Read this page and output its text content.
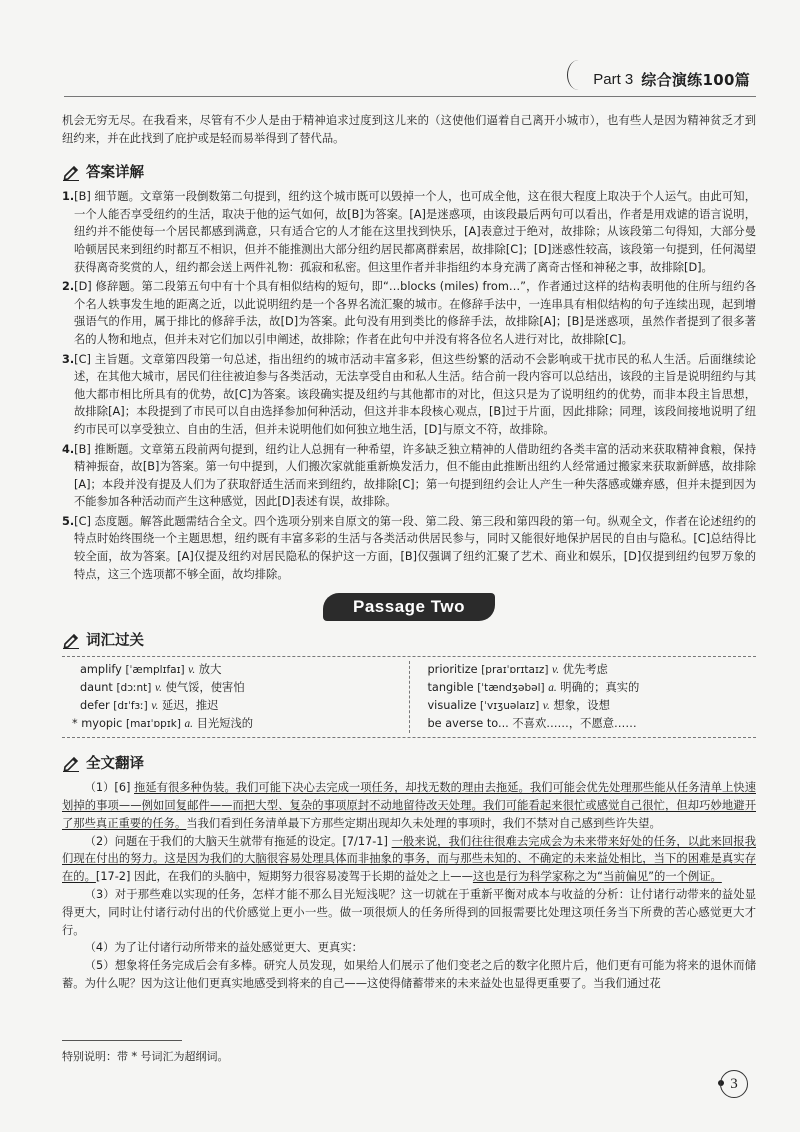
Part 3 综合演练100篇

机会无穷无尽。在我看来，尽管有不少人是由于精神追求过度到这儿来的（这使他们逼着自己离开小城市），也有些人是因为精神贫乏才到纽约来，并在此找到了庇护或是轻而易举得到了替代品。

答案详解

1.[B] 细节题。文章第一段倒数第二句提到，纽约这个城市既可以毁掉一个人，也可成全他，这在很大程度上取决于个人运气。由此可知，一个人能否享受纽约的生活，取决于他的运气如何，故[B]为答案。[A]是迷惑项，由该段最后两句可以看出，作者是用戏谑的语言说明，纽约并不能使每一个居民都感到满意，只有适合它的人才能在这里找到快乐，[A]表意过于绝对，故排除；从该段第二句得知，大部分曼哈顿居民来到纽约时都互不相识，但并不能推测出大部分纽约居民都离群索居，故排除[C]；[D]迷惑性较高，该段第一句提到，任何渴望获得离奇奖赏的人，纽约都会送上两件礼物：孤寂和私密。但这里作者并非指纽约本身充满了离奇古怪和神秘之事，故排除[D]。

2.[D] 修辞题。第二段第五句中有十个具有相似结构的短句，即“…blocks (miles) from…”，作者通过这样的结构表明他的住所与纽约各个名人轶事发生地的距离之近，以此说明纽约是一个各界名流汇聚的城市。在修辞手法中，一连串具有相似结构的句子连续出现，起到增强语气的作用，属于排比的修辞手法，故[D]为答案。此句没有用到类比的修辞手法，故排除[A]；[B]是迷惑项，虽然作者提到了很多著名的人物和地点，但并未对它们加以引申阐述，故排除；作者在此句中并没有将各位名人进行对比，故排除[C]。

3.[C] 主旨题。文章第四段第一句总述，指出纽约的城市活动丰富多彩，但这些纷繁的活动不会影响或干扰市民的私人生活。后面继续论述，在其他大城市，居民们往往被迫参与各类活动，无法享受自由和私人生活。结合前一段内容可以总结出，该段的主旨是说明纽约与其他大都市相比所具有的优势，故[C]为答案。该段确实提及纽约与其他都市的对比，但这只是为了说明纽约的优势，而非本段主旨思想，故排除[A]；本段提到了市民可以自由选择参加何种活动，但这并非本段核心观点，[B]过于片面，因此排除；同理，该段间接地说明了纽约市民可以享受独立、自由的生活，但并未说明他们如何独立地生活，[D]与原文不符，故排除。

4.[B] 推断题。文章第五段前两句提到，纽约让人总拥有一种希望，许多缺乏独立精神的人借助纽约各类丰富的活动来获取精神食粮，保持精神振奋，故[B]为答案。第一句中提到，人们搬次家就能重新焕发活力，但不能由此推断出纽约人经常通过搬家来获取新鲜感，故排除[A]；本段并没有提及人们为了获取舒适生活而来到纽约，故排除[C]；第一句提到纽约会让人产生一种失落感或嫌弃感，但并未提到因为不能参加各种活动而产生这种感觉，因此[D]表述有误，故排除。

5.[C] 态度题。解答此题需结合全文。四个选项分别来自原文的第一段、第二段、第三段和第四段的第一句。纵观全文，作者在论述纽约的特点时始终围绕一个主题思想，纽约既有丰富多彩的生活与各类活动供居民参与，同时又能很好地保护居民的自由与隐私。[C]总结得比较全面，故为答案。[A]仅提及纽约对居民隐私的保护这一方面，[B]仅强调了纽约汇聚了艺术、商业和娱乐，[D]仅提到纽约包罗万象的特点，这三个选项都不够全面，故均排除。

Passage Two
词汇过关
amplify [ˈæmplɪfaɪ] v. 放大
daunt [dɔːnt] v. 使气馁，使害怕
defer [dɪˈfɜː] v. 延迟，推迟
* myopic [maɪˈɒpɪk] a. 目光短浅的
prioritize [praɪˈɒrɪtaɪz] v. 优先考虑
tangible [ˈtændʒəbəl] a. 明确的；真实的
visualize [ˈvɪʒuəlaɪz] v. 想象，设想
be averse to... 不喜欢……，不愿意……
全文翻译

（1）[6] 拖延有很多种伪装。我们可能下决心去完成一项任务，却找无数的理由去拖延。我们可能会优先处理那些能从任务清单上快速划掉的事项——例如回复邮件——而把大型、复杂的事项原封不动地留待改天处理。我们可能看起来很忙或感觉自己很忙，但却巧妙地避开了那些真正重要的任务。当我们看到任务清单最下方那些定期出现却久未处理的事项时，我们不禁对自己感到些许失望。

（2）问题在于我们的大脑天生就带有拖延的设定。[7/17-1] 一般来说，我们往往很难去完成会为未来带来好处的任务，以此来回报我们现在付出的努力。这是因为我们的大脑很容易处理具体而非抽象的事务，而与那些未知的、不确定的未来益处相比，当下的困难是真实存在的。[17-2] 因此，在我们的头脑中，短期努力很容易凌驾于长期的益处之上——这也是行为科学家称之为“当前偏见”的一个例证。

（3）对于那些难以实现的任务，怎样才能不那么目光短浅呢？这一切就在于重新平衡对成本与收益的分析：让付诸行动带来的益处显得更大，同时让付诸行动付出的代价感觉上更小一些。做一项很烦人的任务所得到的回报需要比处理这项任务当下所费的苦心感觉更大才行。

（4）为了让付诸行动所带来的益处感觉更大、更真实：

（5）想象将任务完成后会有多棒。研究人员发现，如果给人们展示了他们变老之后的数字化照片后，他们更有可能为将来的退休而储蓄。为什么呢？因为这让他们更真实地感受到将来的自己——这使得储蓄带来的未来益处也显得更重要了。当我们通过花

特别说明：带 * 号词汇为超纲词。
3
